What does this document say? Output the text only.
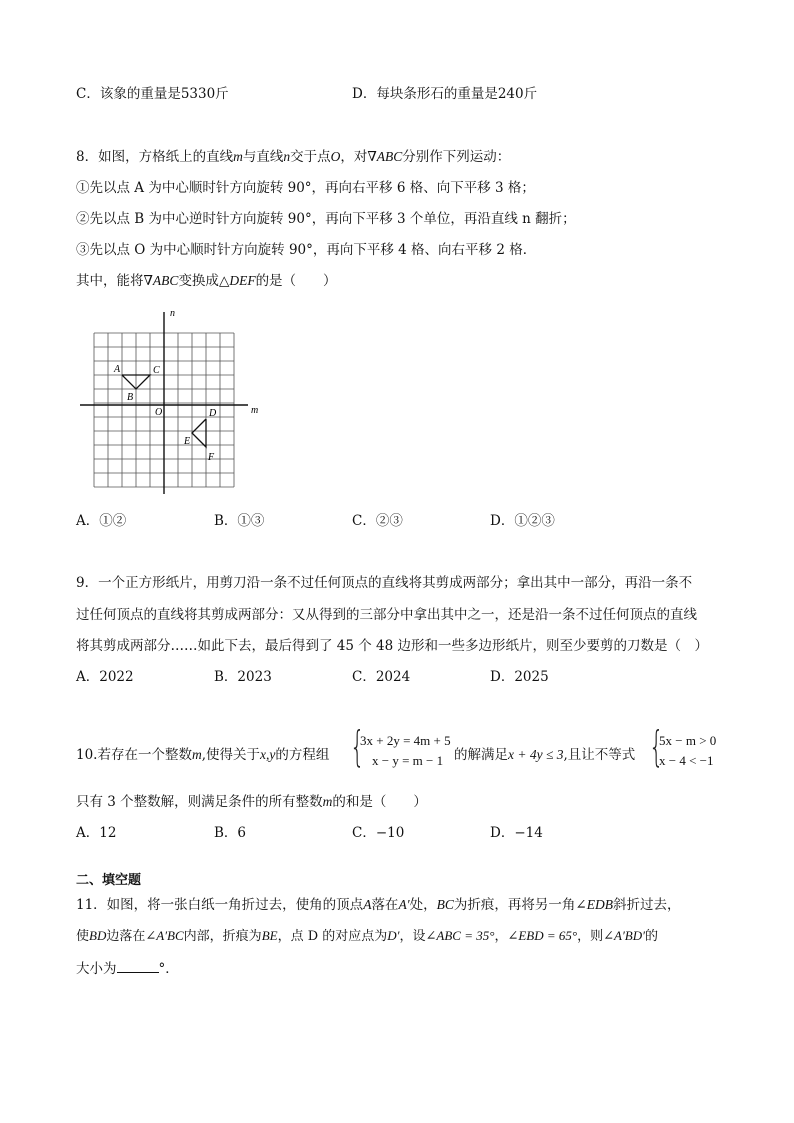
C．该象的重量是5330斤	D．每块条形石的重量是240斤
8．如图，方格纸上的直线m与直线n交于点O，对∇ABC分别作下列运动：
①先以点 A 为中心顺时针方向旋转 90°，再向右平移 6 格、向下平移 3 格；
②先以点 B 为中心逆时针方向旋转 90°，再向下平移 3 个单位，再沿直线 n 翻折；
③先以点 O 为中心顺时针方向旋转 90°，再向下平移 4 格、向右平移 2 格．
其中，能将∇ABC变换成△DEF的是（　　）
n
m
A	C
B
O	D
E
F
A．①②	B．①③	C．②③	D．①②③
9．一个正方形纸片，用剪刀沿一条不过任何顶点的直线将其剪成两部分；拿出其中一部分，再沿一条不
过任何顶点的直线将其剪成两部分：又从得到的三部分中拿出其中之一，还是沿一条不过任何顶点的直线
将其剪成两部分……如此下去，最后得到了 45 个 48 边形和一些多边形纸片，则至少要剪的刀数是（　）
A．2022	B．2023	C．2024	D．2025
10.若存在一个整数m,使得关于x,y的方程组 {
3x + 2y = 4m + 5
x − y = m − 1 的解满足x + 4y ≤ 3,且让不等式 {
5x − m > 0
x − 4 < −1
只有 3 个整数解，则满足条件的所有整数m的和是（　　）
A．12	B．6	C．−10	D．−14
二、填空题
11．如图，将一张白纸一角折过去，使角的顶点A落在A′处，BC为折痕，再将另一角∠EDB斜折过去，
使BD边落在∠A′BC内部，折痕为BE，点 D 的对应点为D′，设∠ABC = 35°，∠EBD = 65°，则∠A′BD′的
大小为	°．
